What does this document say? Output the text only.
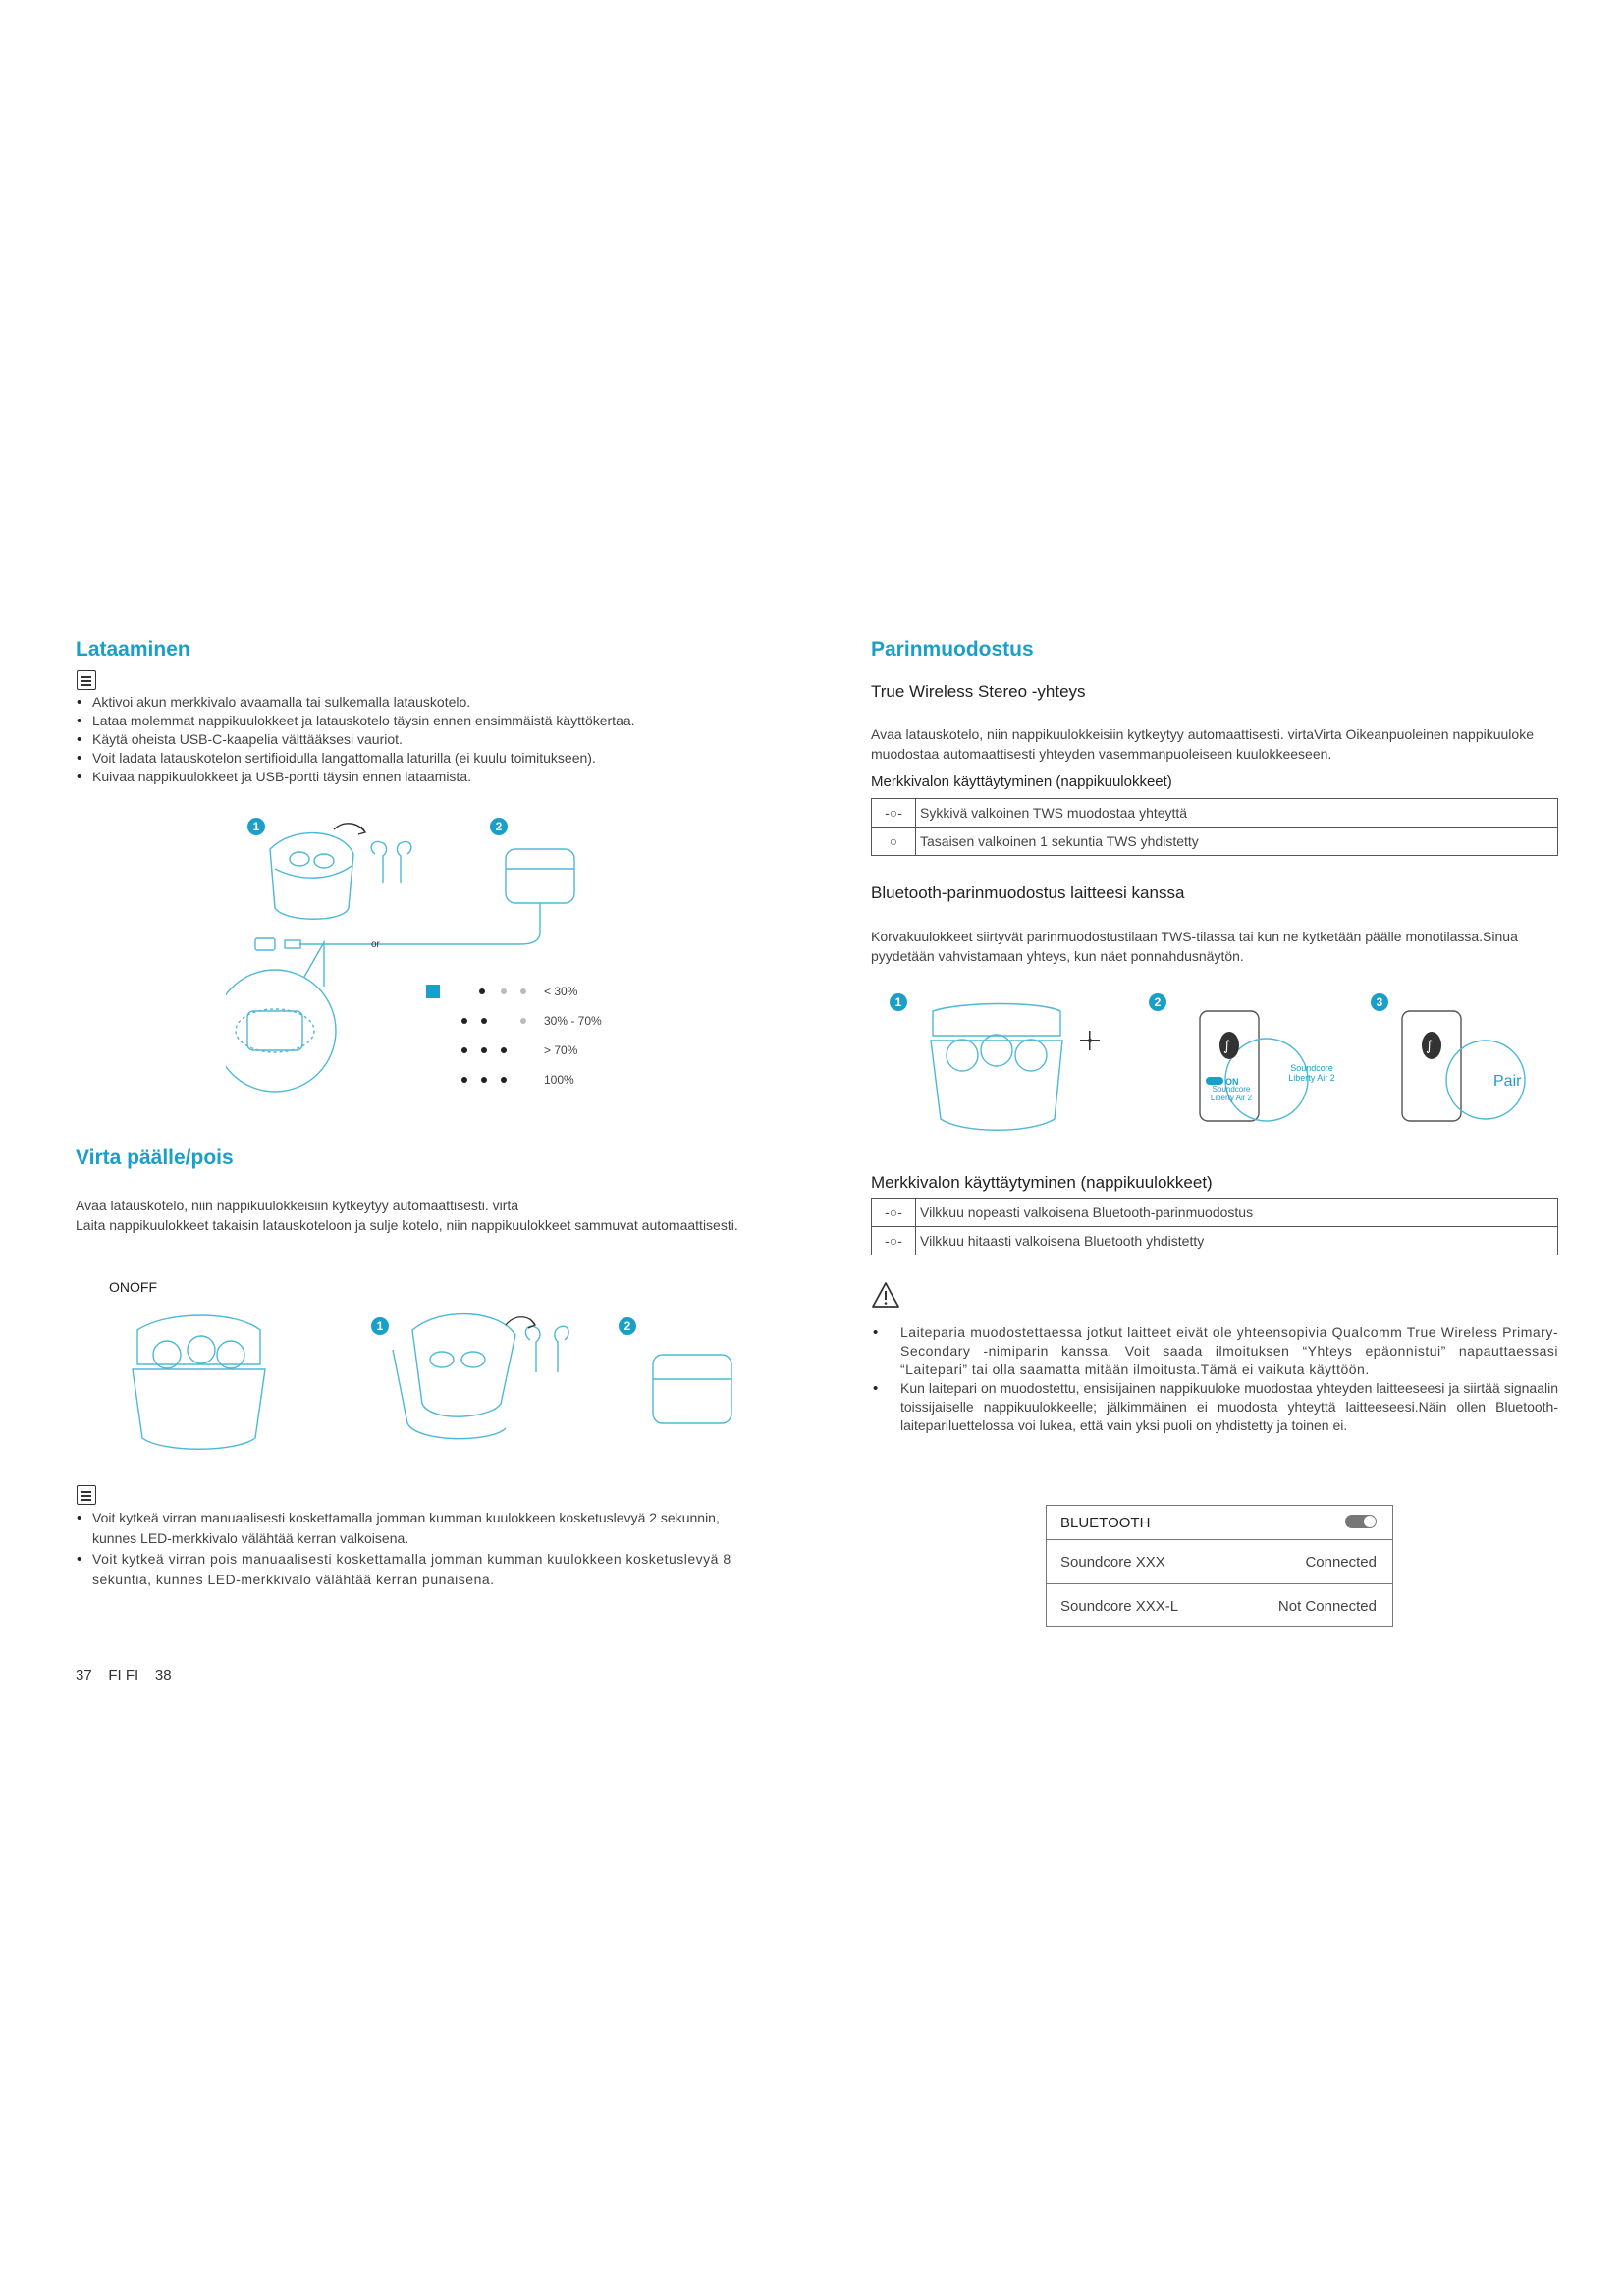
Lataaminen
• Aktivoi akun merkkivalo avaamalla tai sulkemalla latauskotelo.
• Lataa molemmat nappikuulokkeet ja latauskotelo täysin ennen ensimmäistä käyttökertaa.
• Käytä oheista USB-C-kaapelia välttääksesi vauriot.
• Voit ladata latauskotelon sertifioidulla langattomalla laturilla (ei kuulu toimitukseen).
• Kuivaa nappikuulokkeet ja USB-portti täysin ennen lataamista.
1	2
or
< 30%
30% - 70%
> 70%
100%
Virta päälle/pois
Avaa latauskotelo, niin nappikuulokkeisiin kytkeytyy automaattisesti. virta
Laita nappikuulokkeet takaisin latauskoteloon ja sulje kotelo, niin nappikuulokkeet sammuvat automaattisesti.
ONOFF
1	2
• Voit kytkeä virran manuaalisesti koskettamalla jomman kumman kuulokkeen kosketuslevyä 2 sekunnin, kunnes LED-merkkivalo välähtää kerran valkoisena.
• Voit kytkeä virran pois manuaalisesti koskettamalla jomman kumman kuulokkeen kosketuslevyä 8 sekuntia, kunnes LED-merkkivalo välähtää kerran punaisena.
37    FI FI    38
Parinmuodostus
True Wireless Stereo -yhteys
Avaa latauskotelo, niin nappikuulokkeisiin kytkeytyy automaattisesti. virtaVirta Oikeanpuoleinen nappikuuloke muodostaa automaattisesti yhteyden vasemmanpuoleiseen kuulokkeeseen.
Merkkivalon käyttäytyminen (nappikuulokkeet)
-○-	Sykkivä valkoinen TWS muodostaa yhteyttä
○	Tasaisen valkoinen 1 sekuntia TWS yhdistetty
Bluetooth-parinmuodostus laitteesi kanssa
Korvakuulokkeet siirtyvät parinmuodostustilaan TWS-tilassa tai kun ne kytketään päälle monotilassa.Sinua pyydetään vahvistamaan yhteys, kun näet ponnahdusnäytön.
1	2	3
∫	∫
ON
Soundcore Liberty Air 2
Soundcore Liberty Air 2	Pair
Merkkivalon käyttäytyminen (nappikuulokkeet)
-○-	Vilkkuu nopeasti valkoisena Bluetooth-parinmuodostus
-○-	Vilkkuu hitaasti valkoisena Bluetooth yhdistetty
• Laiteparia muodostettaessa jotkut laitteet eivät ole yhteensopivia Qualcomm True Wireless Primary-Secondary -nimiparin kanssa. Voit saada ilmoituksen “Yhteys epäonnistui” napauttaessasi “Laitepari” tai olla saamatta mitään ilmoitusta.Tämä ei vaikuta käyttöön.
• Kun laitepari on muodostettu, ensisijainen nappikuuloke muodostaa yhteyden laitteeseesi ja siirtää signaalin toissijaiselle nappikuulokkeelle; jälkimmäinen ei muodosta yhteyttä laitteeseesi.Näin ollen Bluetooth-laitepariluettelossa voi lukea, että vain yksi puoli on yhdistetty ja toinen ei.
BLUETOOTH
Soundcore XXX	Connected
Soundcore XXX-L	Not Connected
